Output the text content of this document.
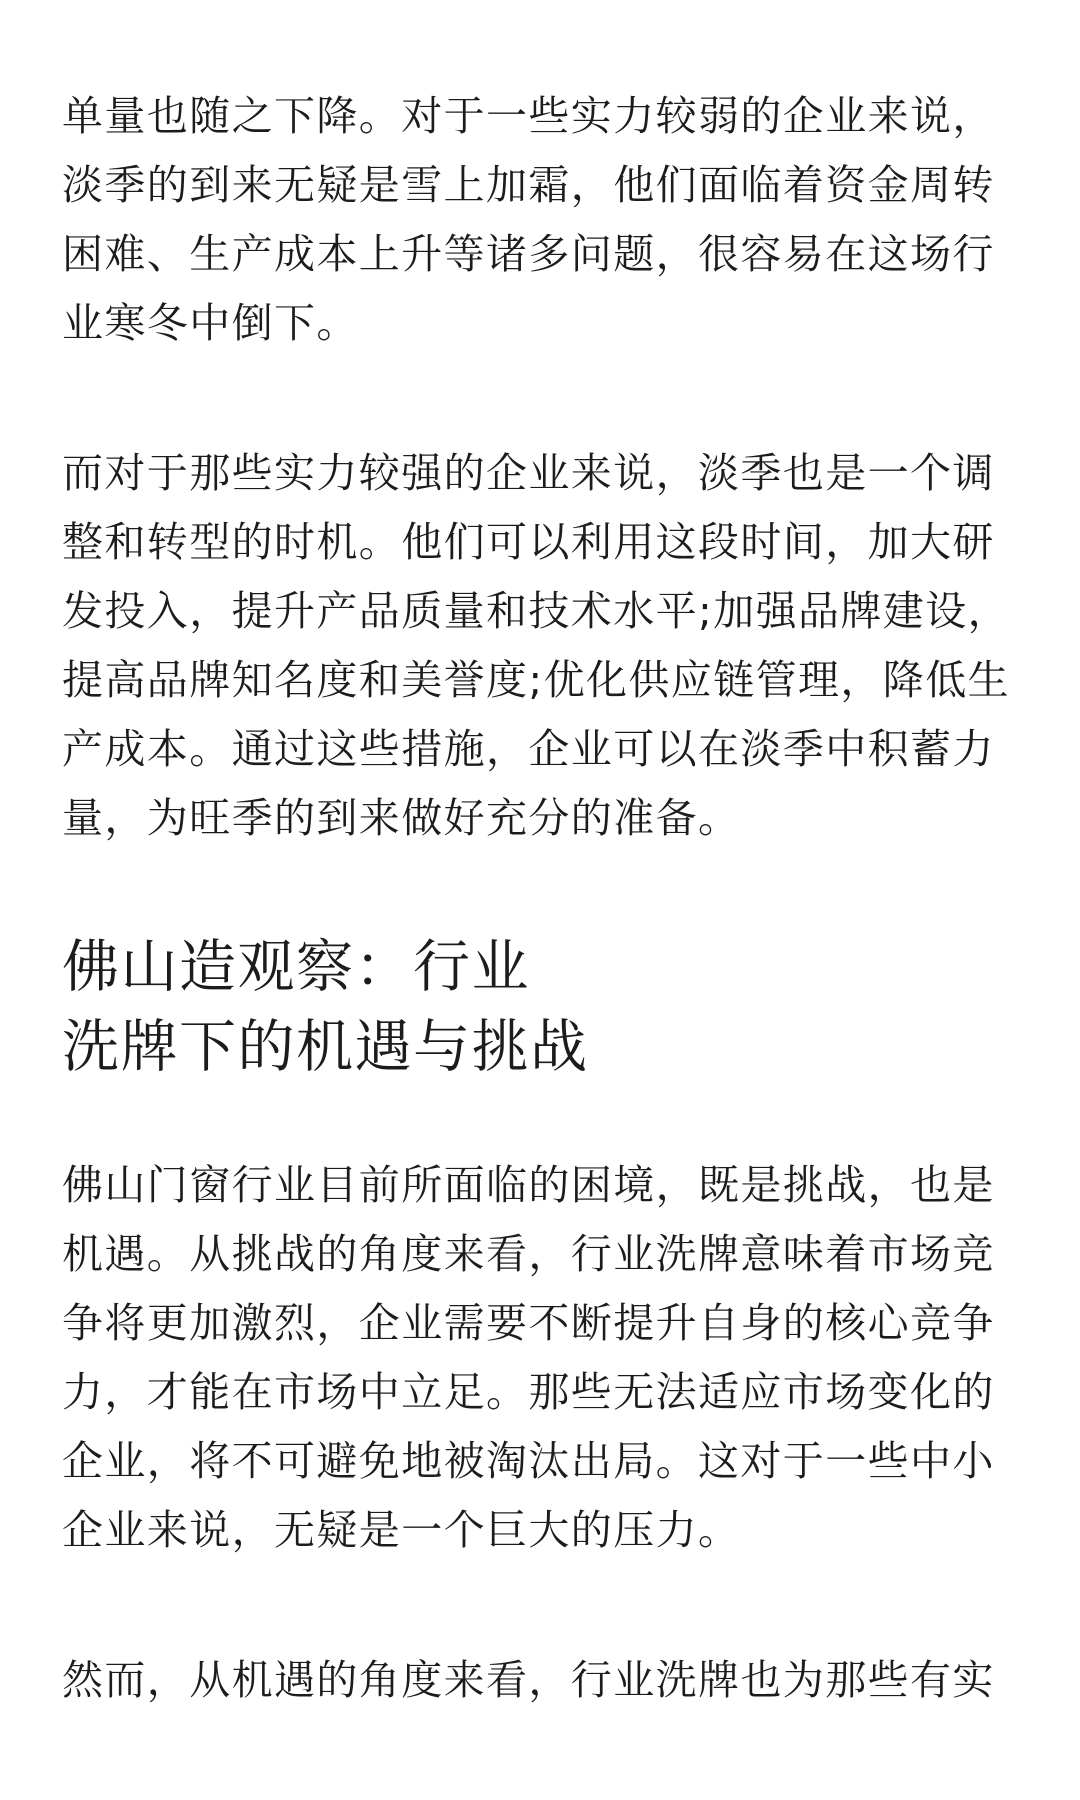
单量也随之下降。对于一些实力较弱的企业来说，
淡季的到来无疑是雪上加霜，他们面临着资金周转
困难、生产成本上升等诸多问题，很容易在这场行
业寒冬中倒下。

而对于那些实力较强的企业来说，淡季也是一个调
整和转型的时机。他们可以利用这段时间，加大研
发投入，提升产品质量和技术水平;加强品牌建设，
提高品牌知名度和美誉度;优化供应链管理，降低生
产成本。通过这些措施，企业可以在淡季中积蓄力
量，为旺季的到来做好充分的准备。

佛山造观察：行业
洗牌下的机遇与挑战

佛山门窗行业目前所面临的困境，既是挑战，也是
机遇。从挑战的角度来看，行业洗牌意味着市场竞
争将更加激烈，企业需要不断提升自身的核心竞争
力，才能在市场中立足。那些无法适应市场变化的
企业，将不可避免地被淘汰出局。这对于一些中小
企业来说，无疑是一个巨大的压力。

然而，从机遇的角度来看，行业洗牌也为那些有实
